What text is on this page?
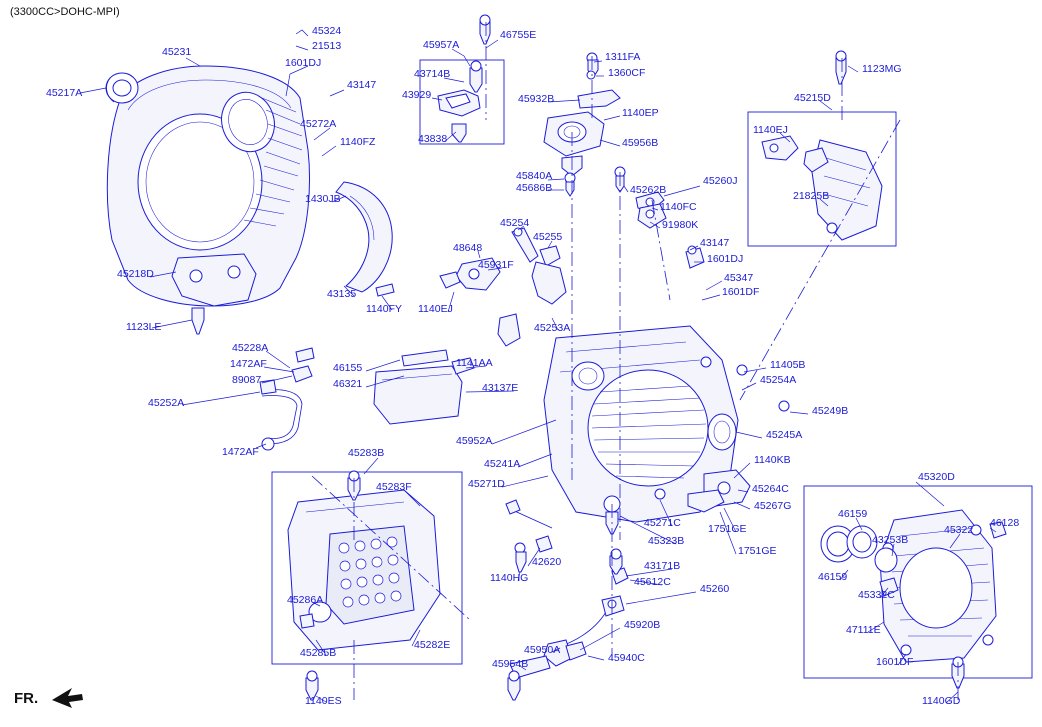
(3300CC>DOHC-MPI)
FR.
45324
21513
1601DJ
45231
45217A
43147
45272A
1140FZ
1430JB
45218D
43135
1140FY
1123LE
45957A
46755E
43714B
43929
43838
1311FA
1360CF
45932B
1140EP
45956B
45840A
45686B	45262B
45260J
1140FC
91980K
43147
1601DJ
45347
1601DF
45254
45255
48648
45931F
1140EJ
45253A
1123MG
45215D
1140EJ
21825B
45228A
1472AF
89087
45252A
1472AF
46155
46321
1141AA
43137E
45952A
45241A
45271D
11405B
45254A
45249B
45245A
1140KB
45264C
45267G
1751GE
1751GE
45271C
45323B
43171B
45612C
45260
45920B
45940C
45950A
45954B
42620
1140HG
45283B
45283F
45286A
45285B
45282E
1140ES
45320D
46159
43253B
45322
46128
46159
45332C
47111E
1601DF
1140GD
